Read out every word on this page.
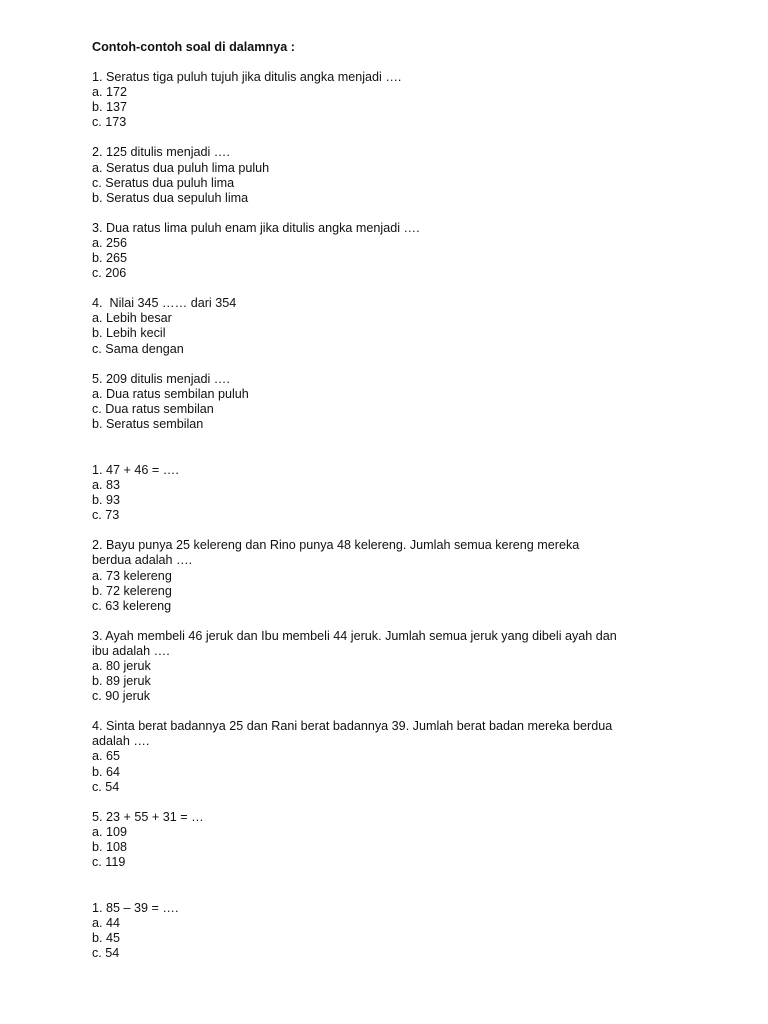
Contoh-contoh soal di dalamnya :

1. Seratus tiga puluh tujuh jika ditulis angka menjadi ….

a. 172

b. 137

c. 173

2. 125 ditulis menjadi ….

a. Seratus dua puluh lima puluh

c. Seratus dua puluh lima

b. Seratus dua sepuluh lima

3. Dua ratus lima puluh enam jika ditulis angka menjadi ….

a. 256

b. 265

c. 206

4.  Nilai 345 …… dari 354

a. Lebih besar

b. Lebih kecil

c. Sama dengan

5. 209 ditulis menjadi ….

a. Dua ratus sembilan puluh

c. Dua ratus sembilan

b. Seratus sembilan

1. 47 + 46 = ….

a. 83

b. 93

c. 73

2. Bayu punya 25 kelereng dan Rino punya 48 kelereng. Jumlah semua kereng mereka

berdua adalah ….

a. 73 kelereng

b. 72 kelereng

c. 63 kelereng

3. Ayah membeli 46 jeruk dan Ibu membeli 44 jeruk. Jumlah semua jeruk yang dibeli ayah dan

ibu adalah ….

a. 80 jeruk

b. 89 jeruk

c. 90 jeruk

4. Sinta berat badannya 25 dan Rani berat badannya 39. Jumlah berat badan mereka berdua

adalah ….

a. 65

b. 64

c. 54

5. 23 + 55 + 31 = …

a. 109

b. 108

c. 119

1. 85 – 39 = ….

a. 44

b. 45

c. 54
